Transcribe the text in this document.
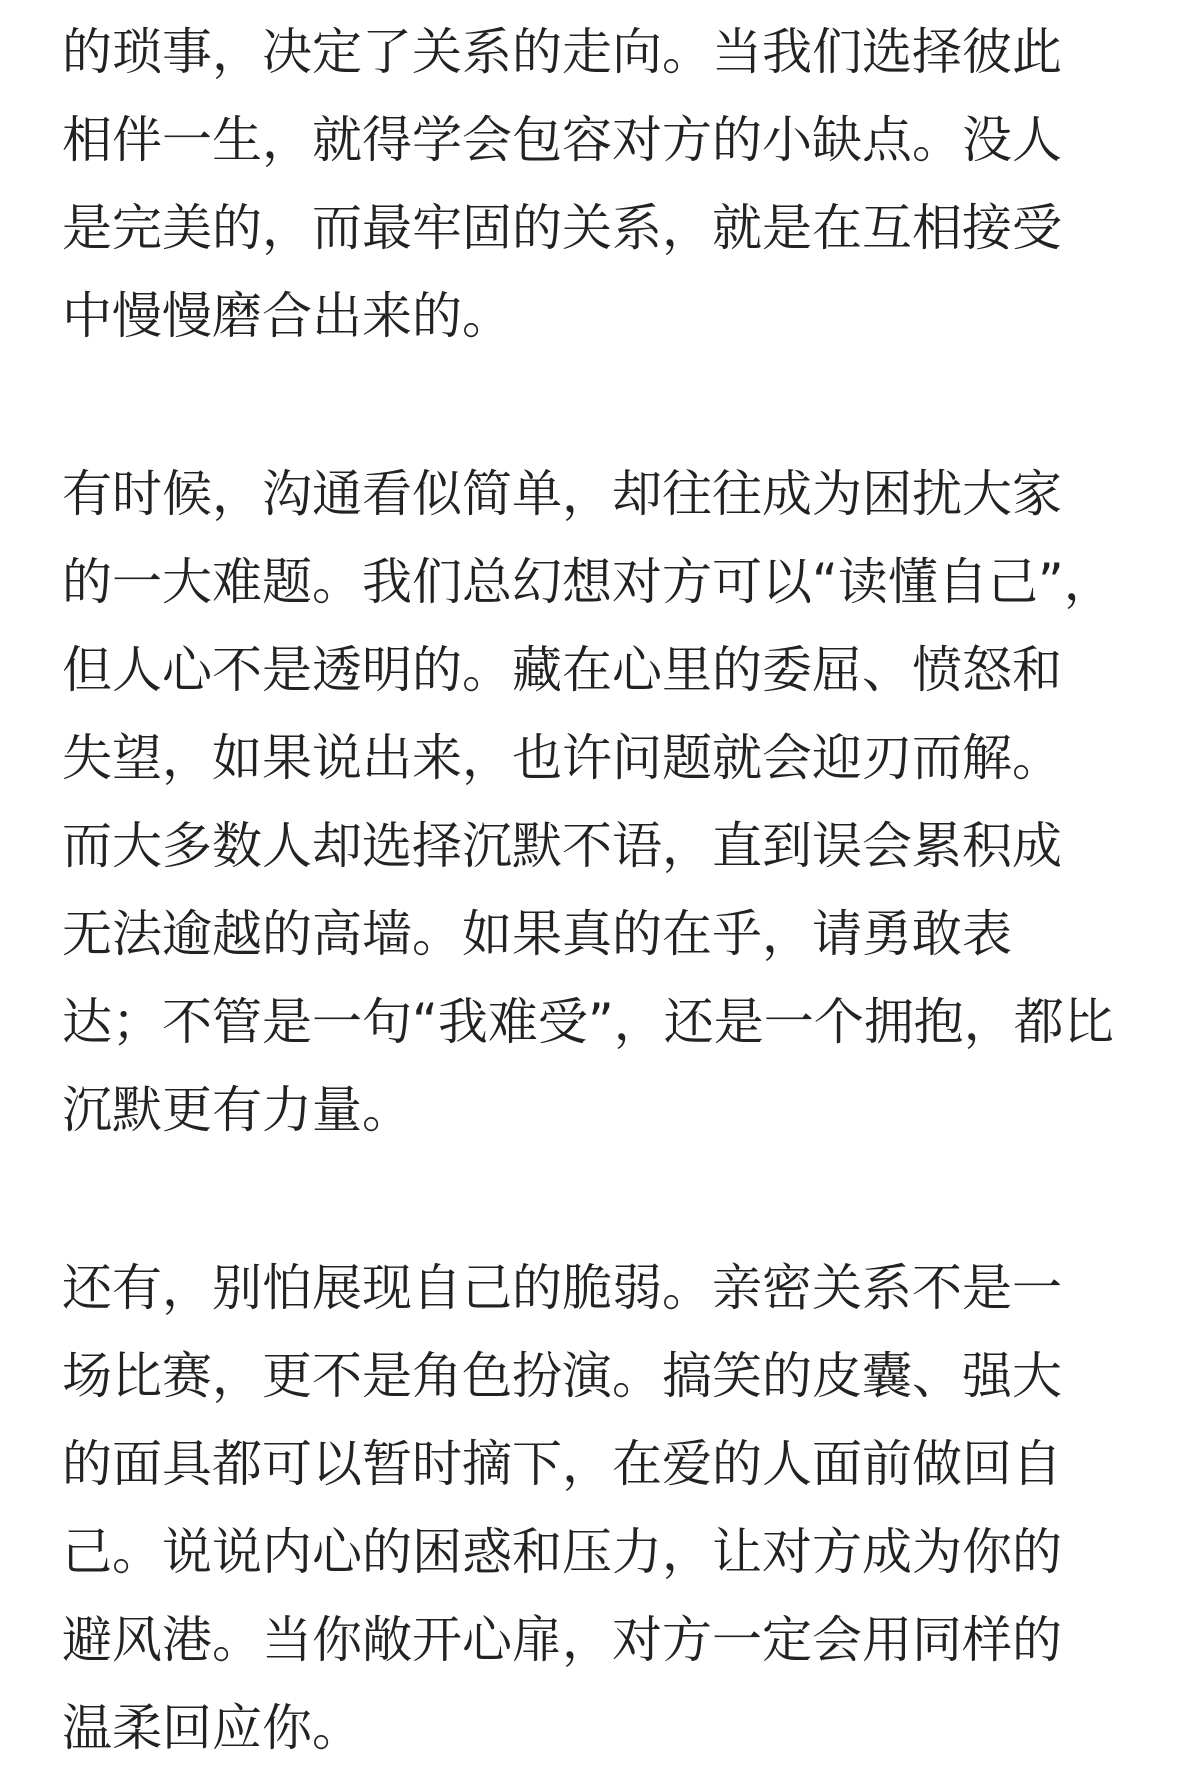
的琐事，决定了关系的走向。当我们选择彼此
相伴一生，就得学会包容对方的小缺点。没人
是完美的，而最牢固的关系，就是在互相接受
中慢慢磨合出来的。
有时候，沟通看似简单，却往往成为困扰大家
的一大难题。我们总幻想对方可以“读懂自己”，
但人心不是透明的。藏在心里的委屈、愤怒和
失望，如果说出来，也许问题就会迎刃而解。
而大多数人却选择沉默不语，直到误会累积成
无法逾越的高墙。如果真的在乎，请勇敢表
达；不管是一句“我难受”，还是一个拥抱，都比
沉默更有力量。
还有，别怕展现自己的脆弱。亲密关系不是一
场比赛，更不是角色扮演。搞笑的皮囊、强大
的面具都可以暂时摘下，在爱的人面前做回自
己。说说内心的困惑和压力，让对方成为你的
避风港。当你敞开心扉，对方一定会用同样的
温柔回应你。
